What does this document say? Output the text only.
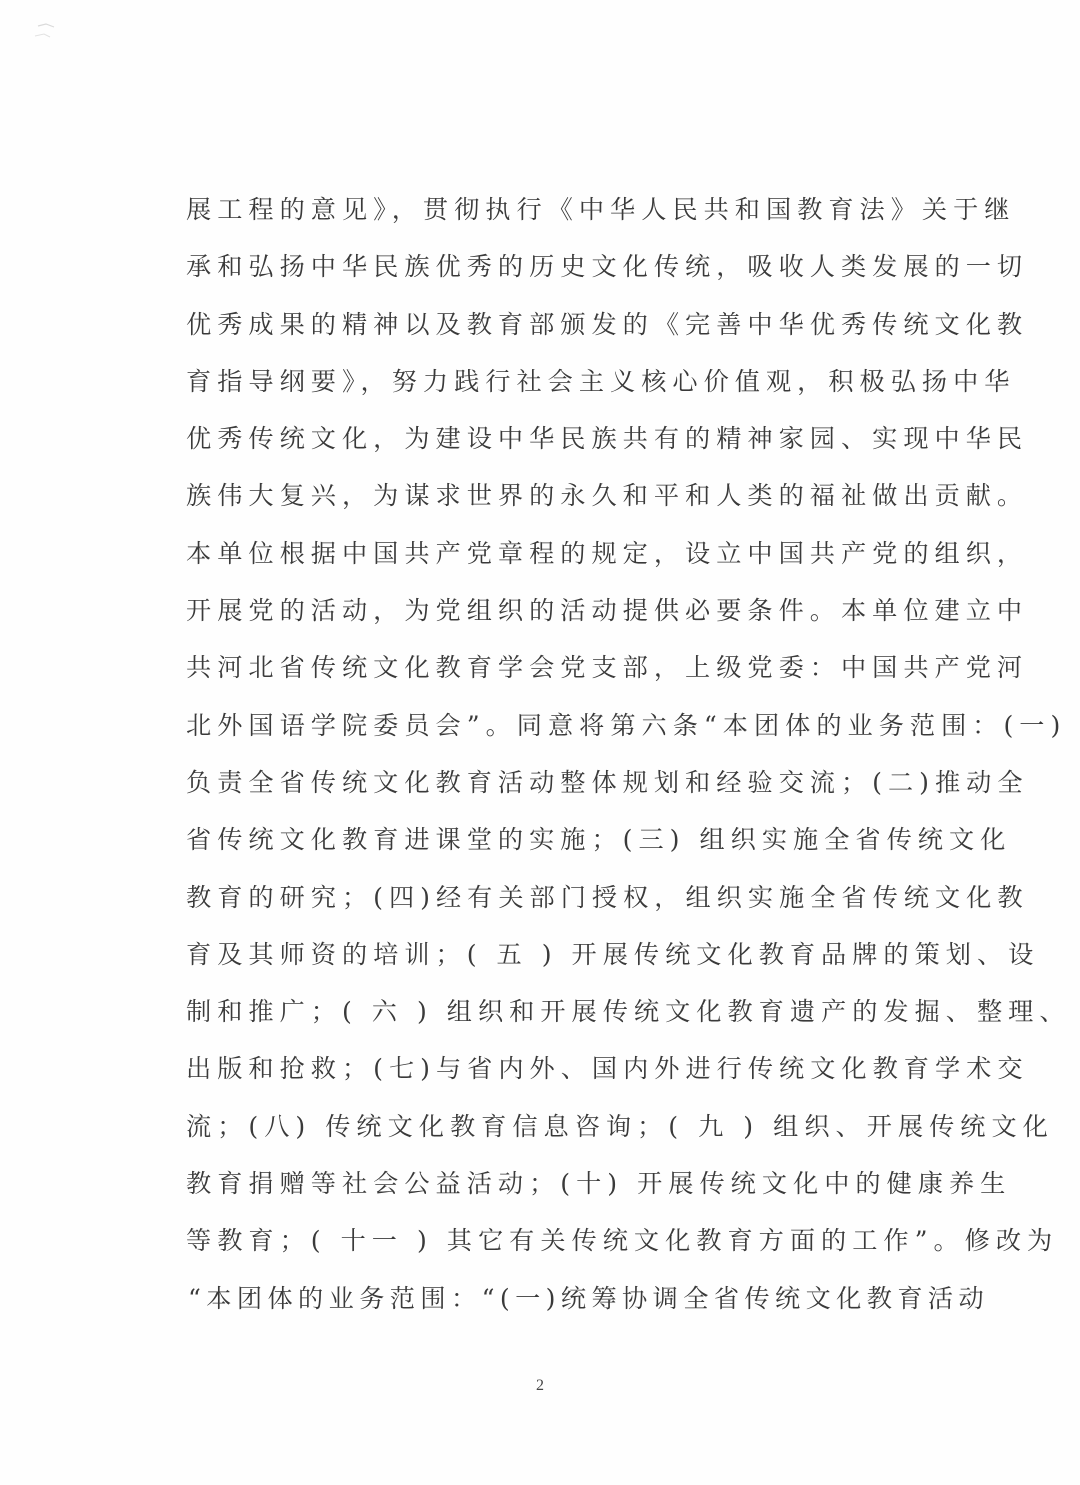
展工程的意见》，贯彻执行《中华人民共和国教育法》关于继
承和弘扬中华民族优秀的历史文化传统，吸收人类发展的一切
优秀成果的精神以及教育部颁发的《完善中华优秀传统文化教
育指导纲要》，努力践行社会主义核心价值观，积极弘扬中华
优秀传统文化，为建设中华民族共有的精神家园、实现中华民
族伟大复兴，为谋求世界的永久和平和人类的福祉做出贡献。
本单位根据中国共产党章程的规定，设立中国共产党的组织，
开展党的活动，为党组织的活动提供必要条件。本单位建立中
共河北省传统文化教育学会党支部，上级党委：中国共产党河
北外国语学院委员会”。同意将第六条“本团体的业务范围：(一)
负责全省传统文化教育活动整体规划和经验交流；(二)推动全
省传统文化教育进课堂的实施；(三) 组织实施全省传统文化
教育的研究；(四)经有关部门授权，组织实施全省传统文化教
育及其师资的培训；( 五 ) 开展传统文化教育品牌的策划、设
制和推广；( 六 ) 组织和开展传统文化教育遗产的发掘、整理、
出版和抢救；(七)与省内外、国内外进行传统文化教育学术交
流；(八) 传统文化教育信息咨询；( 九 ) 组织、开展传统文化
教育捐赠等社会公益活动；(十) 开展传统文化中的健康养生
等教育；( 十一 ) 其它有关传统文化教育方面的工作”。修改为
“本团体的业务范围：“(一)统筹协调全省传统文化教育活动
2
